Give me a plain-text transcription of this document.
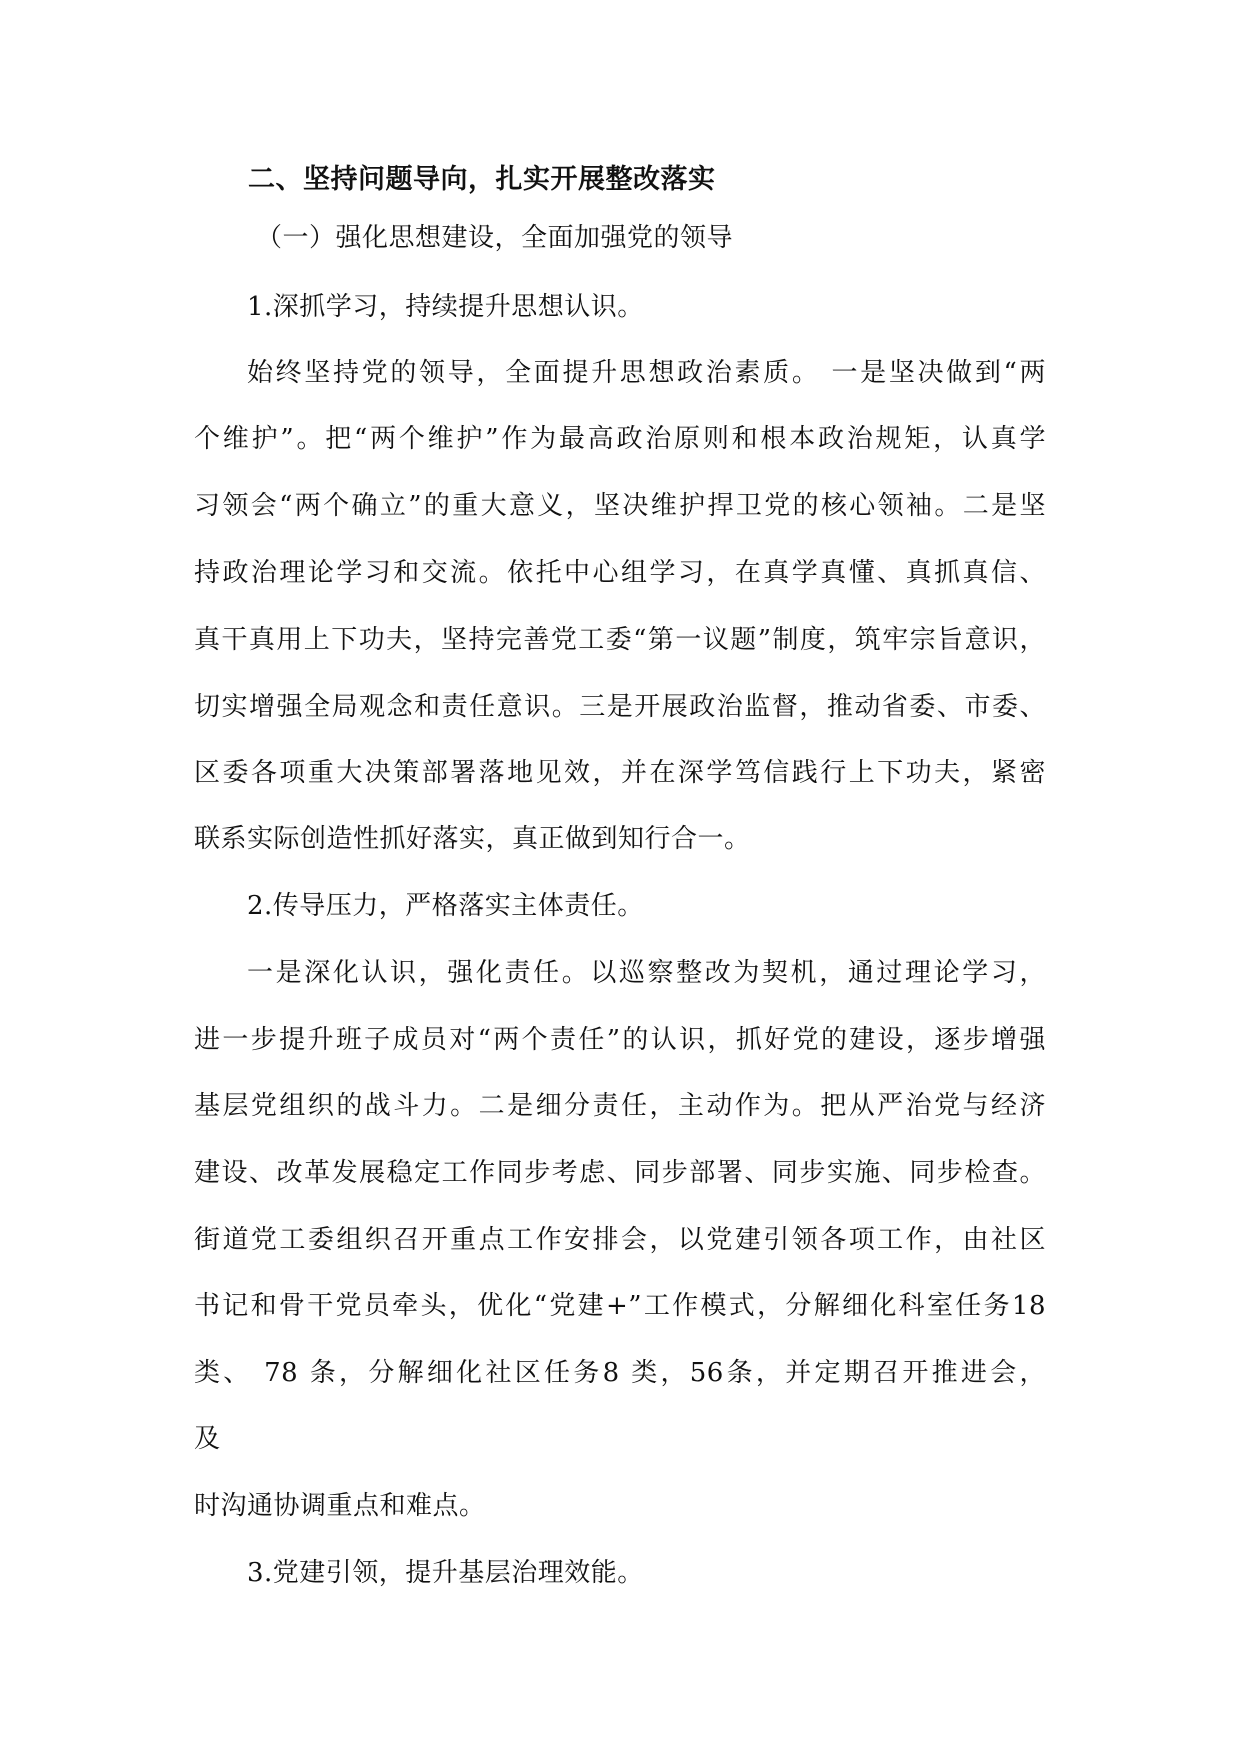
二、坚持问题导向，扎实开展整改落实
（一）强化思想建设，全面加强党的领导
1.深抓学习，持续提升思想认识。
始终坚持党的领导，全面提升思想政治素质。 一是坚决做到“两
个维护”。把“两个维护”作为最高政治原则和根本政治规矩，认真学
习领会“两个确立”的重大意义，坚决维护捍卫党的核心领袖。二是坚
持政治理论学习和交流。依托中心组学习，在真学真懂、真抓真信、
真干真用上下功夫，坚持完善党工委“第一议题”制度，筑牢宗旨意识，
切实增强全局观念和责任意识。三是开展政治监督，推动省委、市委、
区委各项重大决策部署落地见效，并在深学笃信践行上下功夫，紧密
联系实际创造性抓好落实，真正做到知行合一。
2.传导压力，严格落实主体责任。
一是深化认识，强化责任。以巡察整改为契机，通过理论学习，
进一步提升班子成员对“两个责任”的认识，抓好党的建设，逐步增强
基层党组织的战斗力。二是细分责任，主动作为。把从严治党与经济
建设、改革发展稳定工作同步考虑、同步部署、同步实施、同步检查。
街道党工委组织召开重点工作安排会，以党建引领各项工作，由社区
书记和骨干党员牵头，优化“党建+”工作模式，分解细化科室任务18
类、 78 条，分解细化社区任务8 类，56条，并定期召开推进会，
及
时沟通协调重点和难点。
3.党建引领，提升基层治理效能。
